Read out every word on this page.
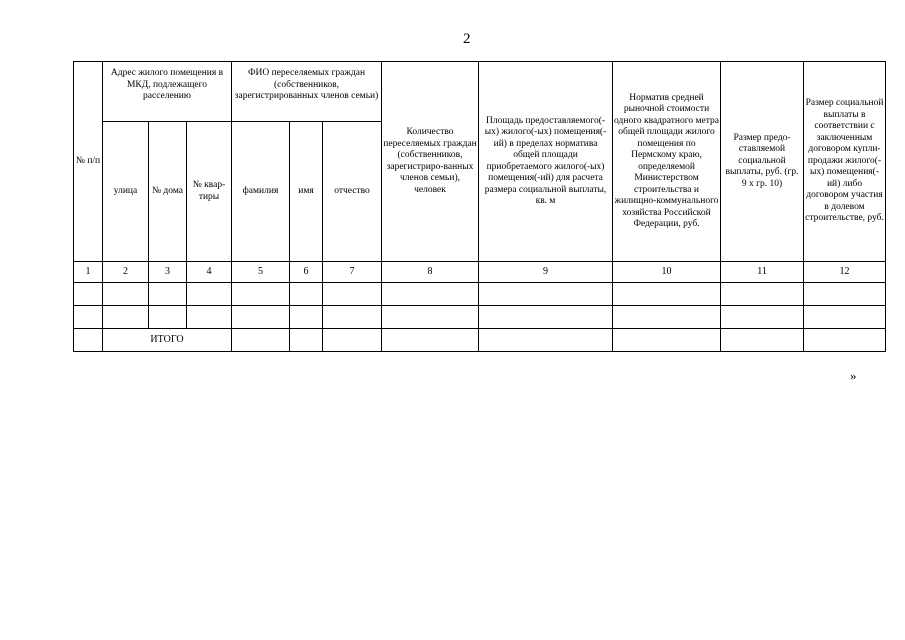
2
№ п/п	Адрес жилого помещения в МКД, подлежащего расселению			ФИО переселяемых граждан (собственников, зарегистрированных членов семьи)			Количество переселяемых граждан (собственников, зарегистриро-ванных членов семьи), человек	Площадь предоставляемого(-ых) жилого(-ых) помещения(-ий) в пределах норматива общей площади приобретаемого жилого(-ых) помещения(-ий) для расчета размера социальной выплаты, кв. м	Норматив средней рыночной стоимости одного квадратного метра общей площади жилого помещения по Пермскому краю, определяемой Министерством строительства и жилищно-коммунального хозяйства Российской Федерации, руб.	Размер предо-ставляемой социальной выплаты, руб. (гр. 9 х гр. 10)	Размер социальной выплаты в соответствии с заключенным договором купли-продажи жилого(-ых) помещения(-ий) либо договором участия в долевом строительстве, руб.
	улица	№ дома	№ квар-тиры	фамилия	имя	отчество					
1	2	3	4	5	6	7	8	9	10	11	12

	ИТОГО										
»
